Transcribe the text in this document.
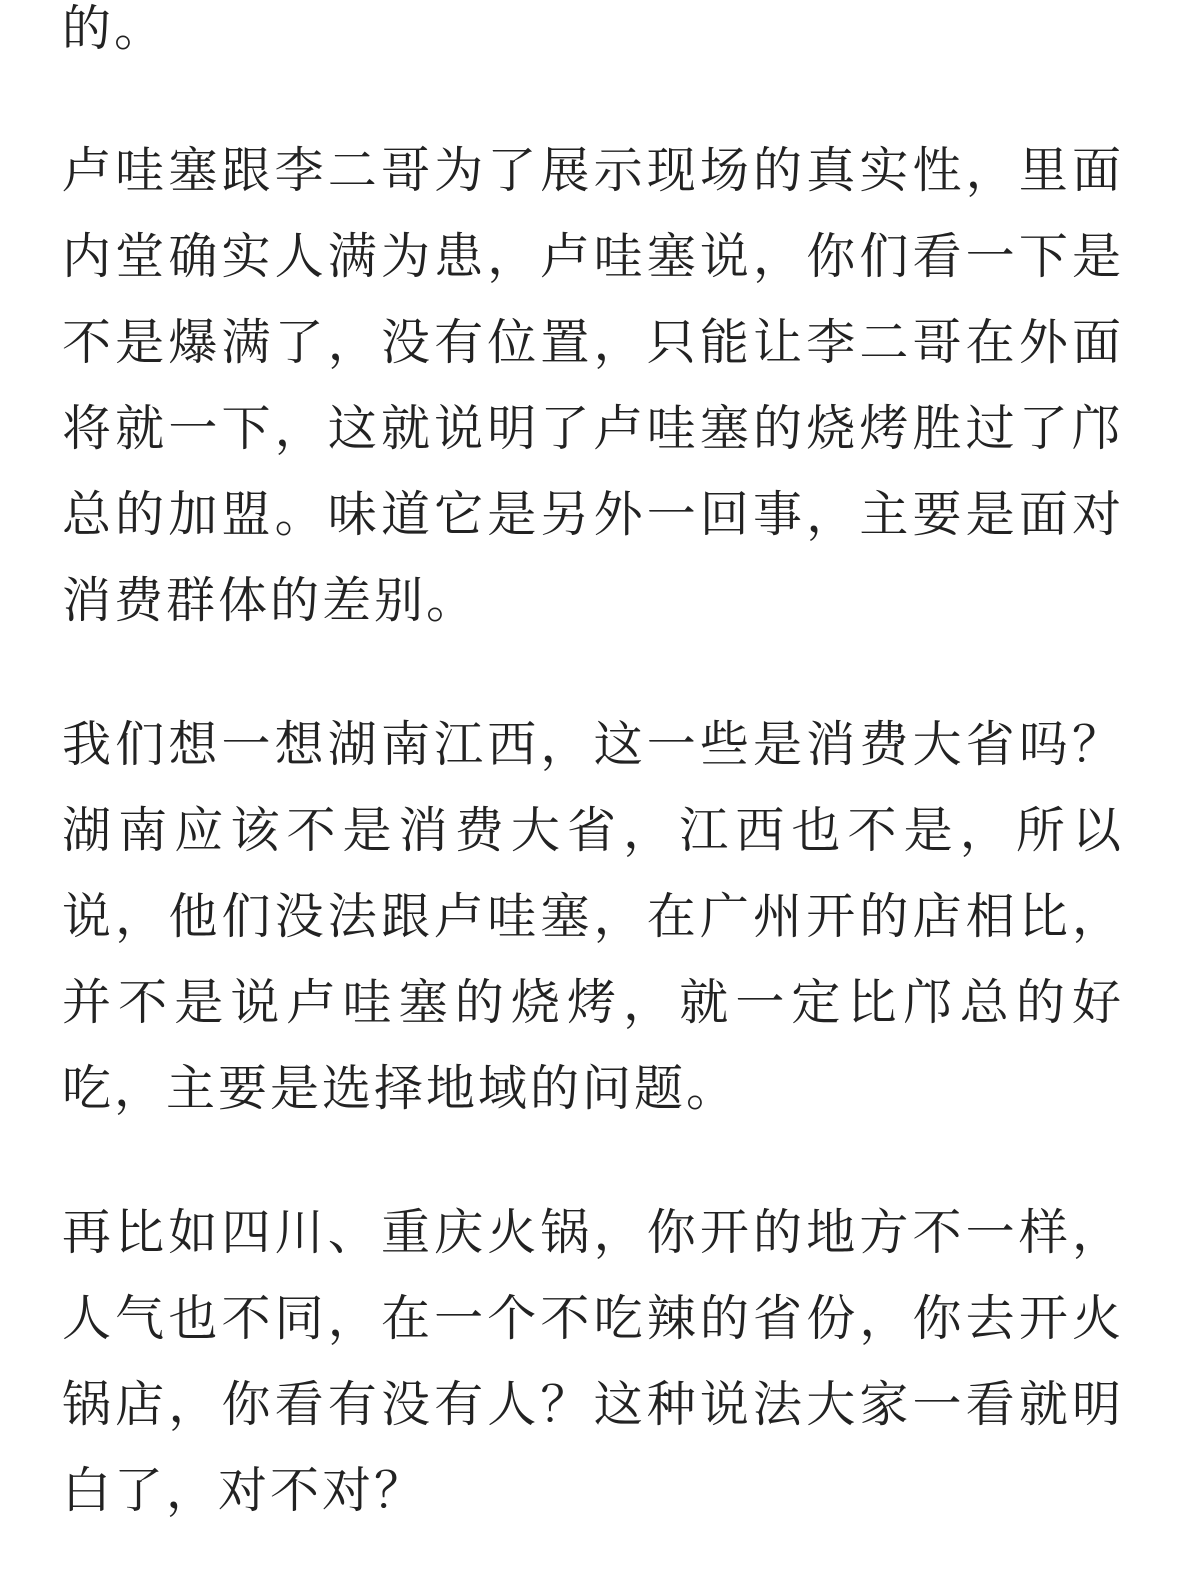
的。

卢哇塞跟李二哥为了展示现场的真实性，里面内堂确实人满为患，卢哇塞说，你们看一下是不是爆满了，没有位置，只能让李二哥在外面将就一下，这就说明了卢哇塞的烧烤胜过了邝总的加盟。味道它是另外一回事，主要是面对消费群体的差别。

我们想一想湖南江西，这一些是消费大省吗？湖南应该不是消费大省，江西也不是，所以说，他们没法跟卢哇塞，在广州开的店相比，并不是说卢哇塞的烧烤，就一定比邝总的好吃，主要是选择地域的问题。

再比如四川、重庆火锅，你开的地方不一样，人气也不同，在一个不吃辣的省份，你去开火锅店，你看有没有人？这种说法大家一看就明白了，对不对？
